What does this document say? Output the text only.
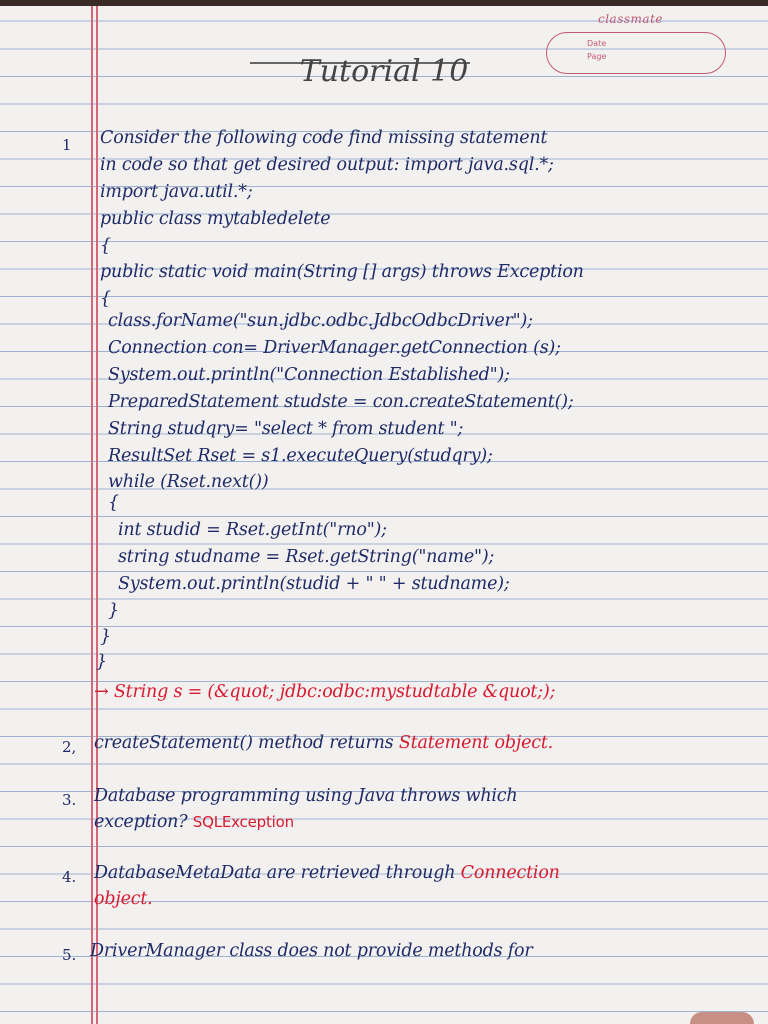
classmate
Date
Page
Tutorial 10
1 Consider the following code find missing statement
in code so that get desired output: import java.sql.*;
import java.util.*;
public class mytabledelete
{
public static void main(String [] args) throws Exception
{
class.forName("sun.jdbc.odbc.JdbcOdbcDriver");
Connection con= DriverManager.getConnection (s);
System.out.println("Connection Established");
PreparedStatement studste = con.createStatement();
String studqry= "select * from student ";
ResultSet Rset = s1.executeQuery(studqry);
while (Rset.next())
{
int studid = Rset.getInt("rno");
string studname = Rset.getString("name");
System.out.println(studid + " " + studname);
}
}
}
→ String s = (&quot; jdbc:odbc:mystudtable &quot;);
2, createStatement() method returns Statement object.
3. Database programming using Java throws which
exception? SQLException
4. DatabaseMetaData are retrieved through Connection
object.
5. DriverManager class does not provide methods for
